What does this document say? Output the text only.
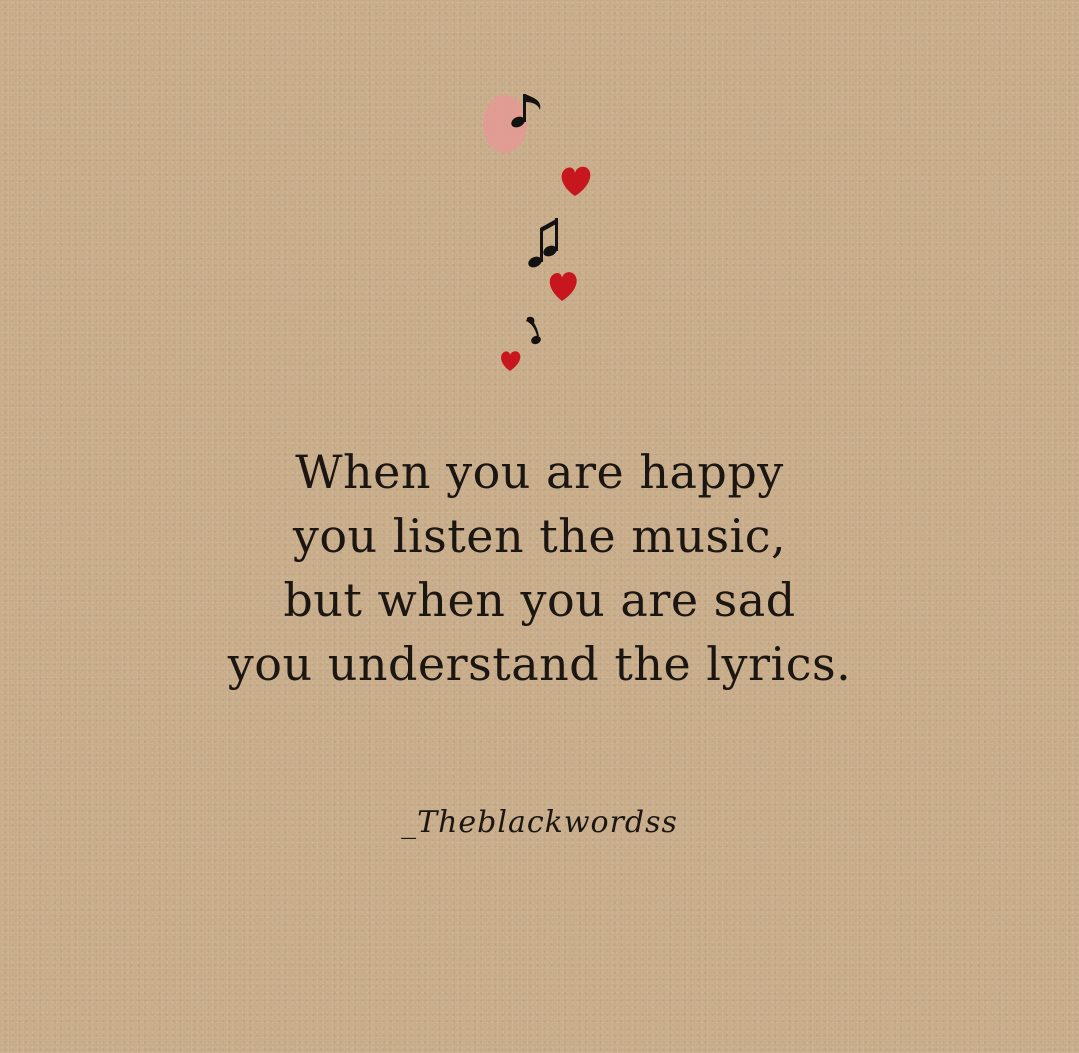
When you are happy
you listen the music,
but when you are sad
you understand the lyrics.
_Theblackwordss
